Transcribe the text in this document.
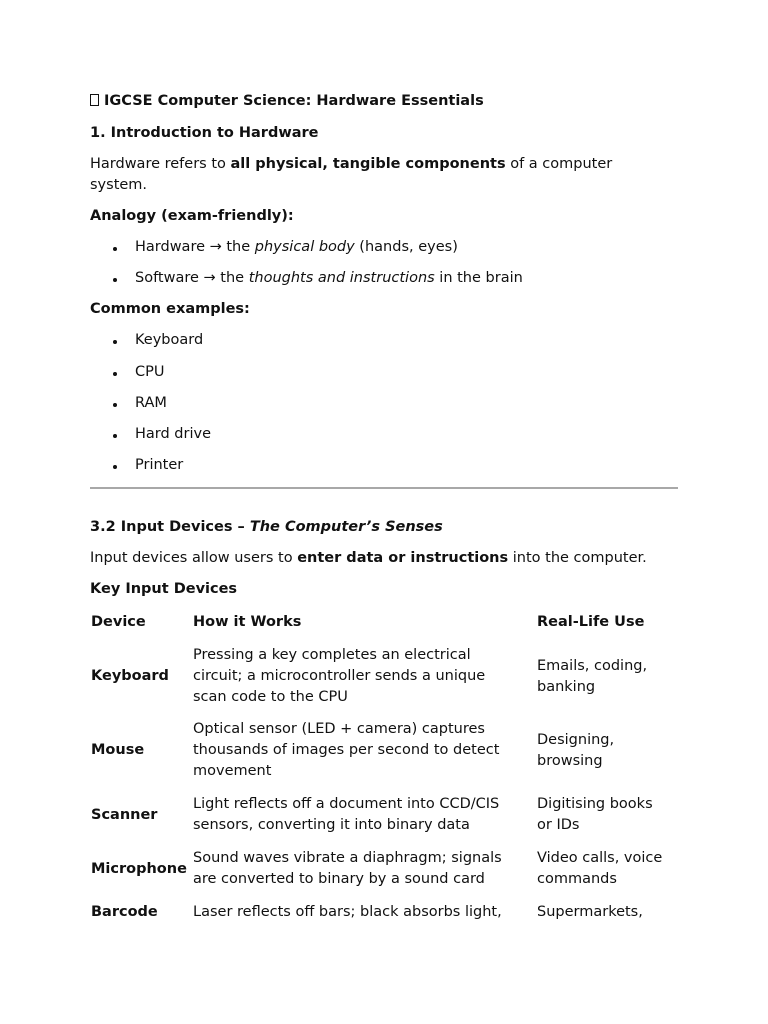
IGCSE Computer Science: Hardware Essentials
1. Introduction to Hardware
Hardware refers to all physical, tangible components of a computer
system.
Analogy (exam-friendly):
Hardware → the physical body (hands, eyes)
Software → the thoughts and instructions in the brain
Common examples:
Keyboard
CPU
RAM
Hard drive
Printer
3.2 Input Devices – The Computer’s Senses
Input devices allow users to enter data or instructions into the computer.
Key Input Devices
Device	How it Works	Real-Life Use
Keyboard
Pressing a key completes an electrical
circuit; a microcontroller sends a unique
scan code to the CPU
Emails, coding,
banking
Mouse
Optical sensor (LED + camera) captures
thousands of images per second to detect
movement
Designing,
browsing
Scanner
Light reflects off a document into CCD/CIS
sensors, converting it into binary data
Digitising books
or IDs
Microphone
Sound waves vibrate a diaphragm; signals
are converted to binary by a sound card
Video calls, voice
commands
Barcode Laser reflects off bars; black absorbs light, Supermarkets,
